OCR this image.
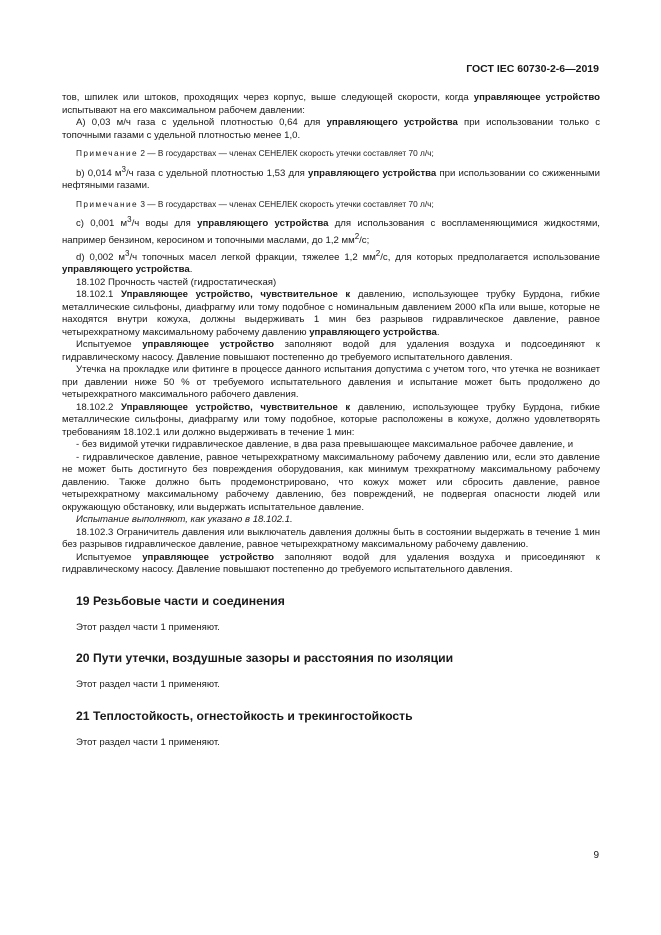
ГОСТ IEC 60730-2-6—2019

тов, шпилек или штоков, проходящих через корпус, выше следующей скорости, когда управляющее устройство испытывают на его максимальном рабочем давлении:

А) 0,03 м/ч газа с удельной плотностью 0,64 для управляющего устройства при использовании только с топочными газами с удельной плотностью менее 1,0.

Примечание 2 — В государствах — членах СЕНЕЛЕК скорость утечки составляет 70 л/ч;

b) 0,014 $м^3/ч$ газа с удельной плотностью 1,53 для управляющего устройства при использовании со сжиженными нефтяными газами.

Примечание 3 — В государствах — членах СЕНЕЛЕК скорость утечки составляет 70 л/ч;

c) 0,001 $м^3/ч$ воды для управляющего устройства для использования с воспламеняющимися жидкостями, например бензином, керосином и топочными маслами, до 1,2 $мм^2/c$;

d) 0,002 $м^3/ч$ топочных масел легкой фракции, тяжелее 1,2 $мм^2/c$, для которых предполагается использование управляющего устройства.

18.102 Прочность частей (гидростатическая)

18.102.1 Управляющее устройство, чувствительное к давлению, использующее трубку Бурдона, гибкие металлические сильфоны, диафрагму или тому подобное с номинальным давлением 2000 кПа или выше, которые не находятся внутри кожуха, должны выдерживать 1 мин без разрывов гидравлическое давление, равное четырехкратному максимальному рабочему давлению управляющего устройства.

Испытуемое управляющее устройство заполняют водой для удаления воздуха и подсоединяют к гидравлическому насосу. Давление повышают постепенно до требуемого испытательного давления.

Утечка на прокладке или фитинге в процессе данного испытания допустима с учетом того, что утечка не возникает при давлении ниже 50 % от требуемого испытательного давления и испытание может быть продолжено до четырехкратного максимального рабочего давления.

18.102.2 Управляющее устройство, чувствительное к давлению, использующее трубку Бурдона, гибкие металлические сильфоны, диафрагму или тому подобное, которые расположены в кожухе, должно удовлетворять требованиям 18.102.1 или должно выдерживать в течение 1 мин:

- без видимой утечки гидравлическое давление, в два раза превышающее максимальное рабочее давление, и

- гидравлическое давление, равное четырехкратному максимальному рабочему давлению или, если это давление не может быть достигнуто без повреждения оборудования, как минимум трехкратному максимальному рабочему давлению. Также должно быть продемонстрировано, что кожух может или сбросить давление, равное четырехкратному максимальному рабочему давлению, без повреждений, не подвергая опасности людей или окружающую обстановку, или выдержать испытательное давление.

Испытание выполняют, как указано в 18.102.1.

18.102.3 Ограничитель давления или выключатель давления должны быть в состоянии выдержать в течение 1 мин без разрывов гидравлическое давление, равное четырехкратному максимальному рабочему давлению.

Испытуемое управляющее устройство заполняют водой для удаления воздуха и присоединяют к гидравлическому насосу. Давление повышают постепенно до требуемого испытательного давления.

19 Резьбовые части и соединения

Этот раздел части 1 применяют.

20 Пути утечки, воздушные зазоры и расстояния по изоляции

Этот раздел части 1 применяют.

21 Теплостойкость, огнестойкость и трекингостойкость

Этот раздел части 1 применяют.

9
